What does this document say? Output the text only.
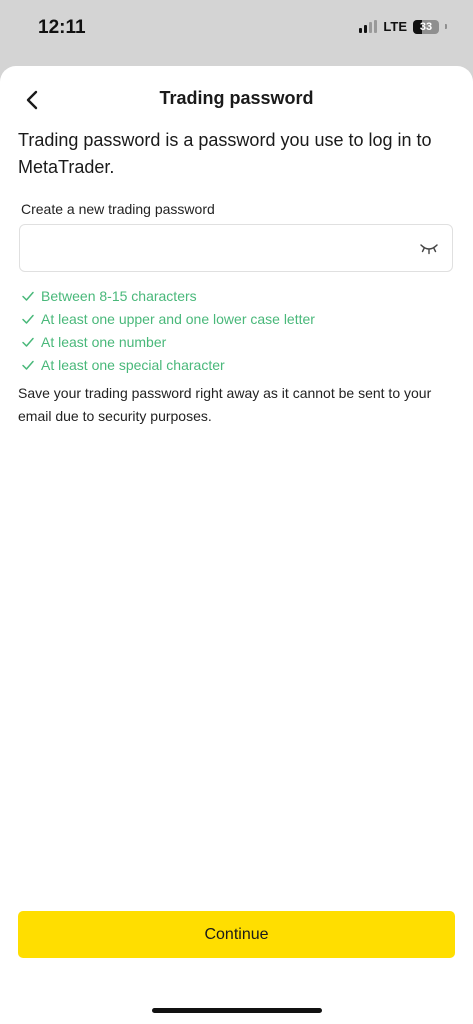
12:11	LTE	33
Trading password

Trading password is a password you use to log in to MetaTrader.

Create a new trading password
Between 8-15 characters
At least one upper and one lower case letter
At least one number
At least one special character

Save your trading password right away as it cannot be sent to your email due to security purposes.

Continue
